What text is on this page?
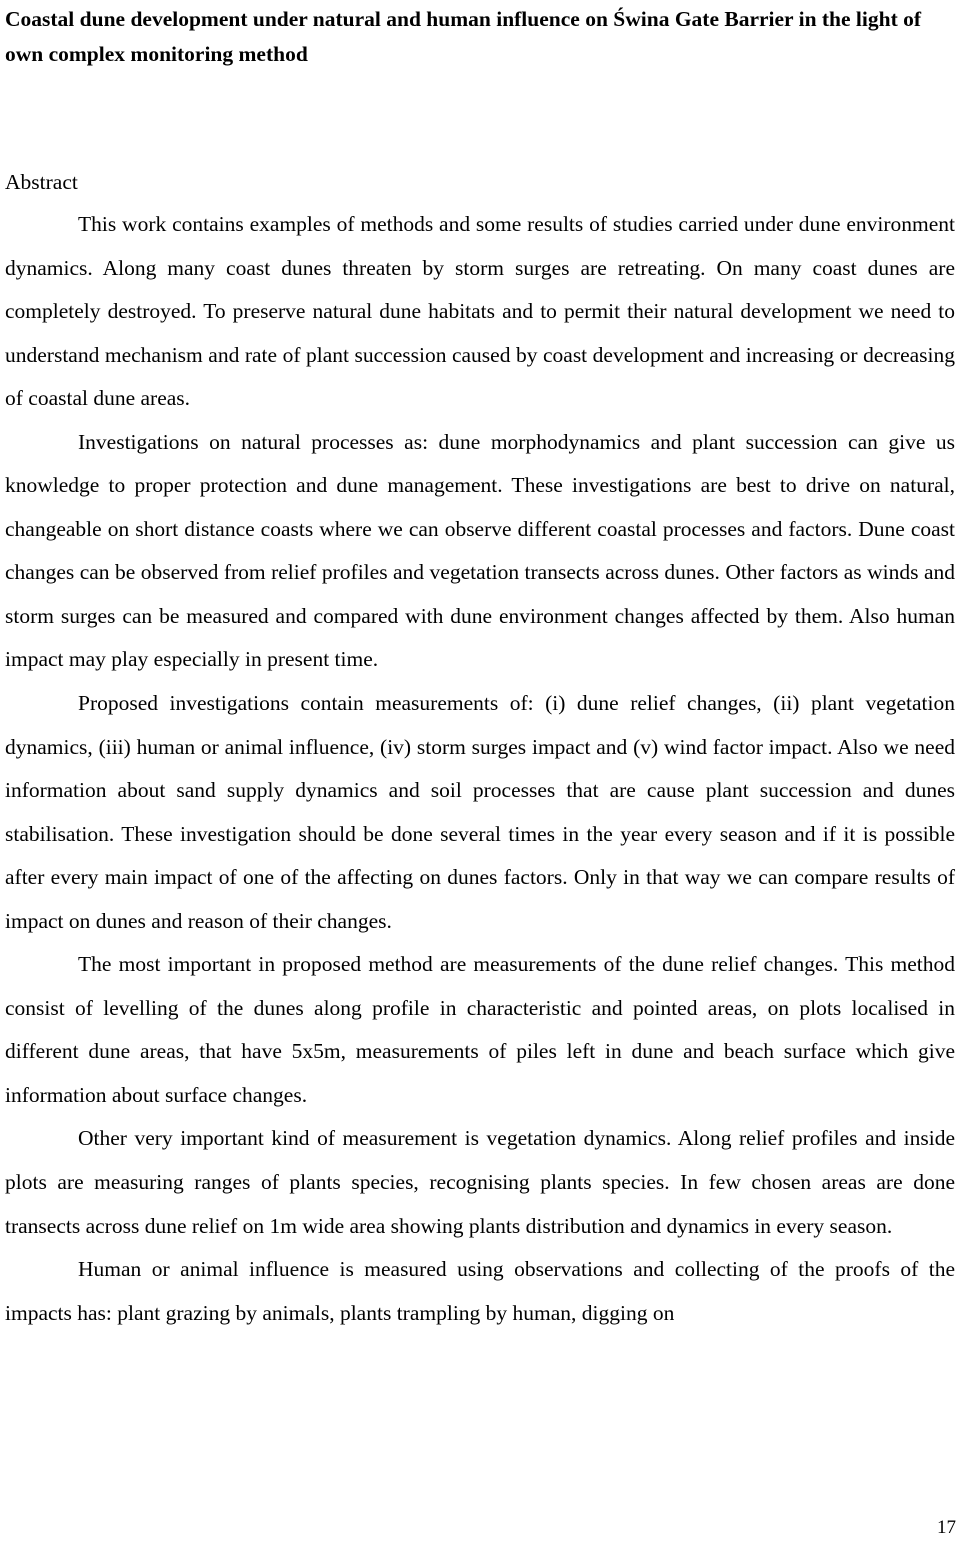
Coastal dune development under natural and human influence on Świna Gate Barrier in the light of own complex monitoring method
Abstract

This work contains examples of methods and some results of studies carried under dune environment dynamics. Along many coast dunes threaten by storm surges are retreating. On many coast dunes are completely destroyed. To preserve natural dune habitats and to permit their natural development we need to understand mechanism and rate of plant succession caused by coast development and increasing or decreasing of coastal dune areas.

Investigations on natural processes as: dune morphodynamics and plant succession can give us knowledge to proper protection and dune management. These investigations are best to drive on natural, changeable on short distance coasts where we can observe different coastal processes and factors. Dune coast changes can be observed from relief profiles and vegetation transects across dunes. Other factors as winds and storm surges can be measured and compared with dune environment changes affected by them. Also human impact may play especially in present time.

Proposed investigations contain measurements of: (i) dune relief changes, (ii) plant vegetation dynamics, (iii) human or animal influence, (iv) storm surges impact and (v) wind factor impact. Also we need information about sand supply dynamics and soil processes that are cause plant succession and dunes stabilisation. These investigation should be done several times in the year every season and if it is possible after every main impact of one of the affecting on dunes factors. Only in that way we can compare results of impact on dunes and reason of their changes.

The most important in proposed method are measurements of the dune relief changes. This method consist of levelling of the dunes along profile in characteristic and pointed areas, on plots localised in different dune areas, that have 5x5m, measurements of piles left in dune and beach surface which give information about surface changes.

Other very important kind of measurement is vegetation dynamics. Along relief profiles and inside plots are measuring ranges of plants species, recognising plants species. In few chosen areas are done transects across dune relief on 1m wide area showing plants distribution and dynamics in every season.

Human or animal influence is measured using observations and collecting of the proofs of the impacts has: plant grazing by animals, plants trampling by human, digging on

17
